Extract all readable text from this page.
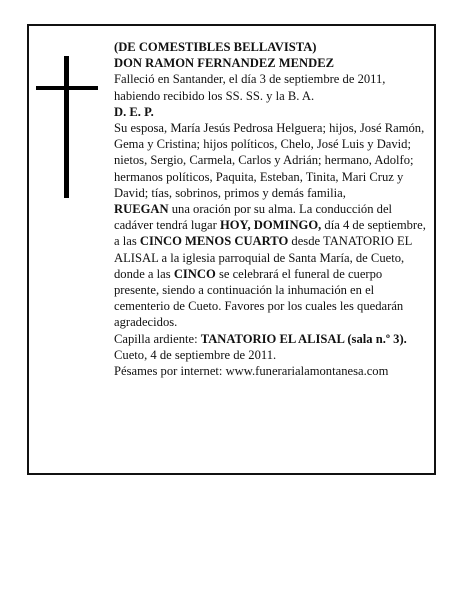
(DE COMESTIBLES BELLAVISTA)

DON RAMON FERNANDEZ MENDEZ

Falleció en Santander, el día 3 de septiembre de 2011, habiendo recibido los SS. SS. y la B. A.

D. E. P.

Su esposa, María Jesús Pedrosa Helguera; hijos, José Ramón, Gema y Cristina; hijos políticos, Chelo, José Luis y David; nietos, Sergio, Carmela, Carlos y Adrián; hermano, Adolfo; hermanos políticos, Paquita, Esteban, Tinita, Mari Cruz y David; tías, sobrinos, primos y demás familia,

RUEGAN una oración por su alma. La conducción del cadáver tendrá lugar HOY, DOMINGO, día 4 de septiembre, a las CINCO MENOS CUARTO desde TANATORIO EL ALISAL a la iglesia parroquial de Santa María, de Cueto, donde a las CINCO se celebrará el funeral de cuerpo presente, siendo a continuación la inhumación en el cementerio de Cueto. Favores por los cuales les quedarán agradecidos.

Capilla ardiente: TANATORIO EL ALISAL (sala n.º 3).

Cueto, 4 de septiembre de 2011.

Pésames por internet: www.funerarialamontanesa.com
